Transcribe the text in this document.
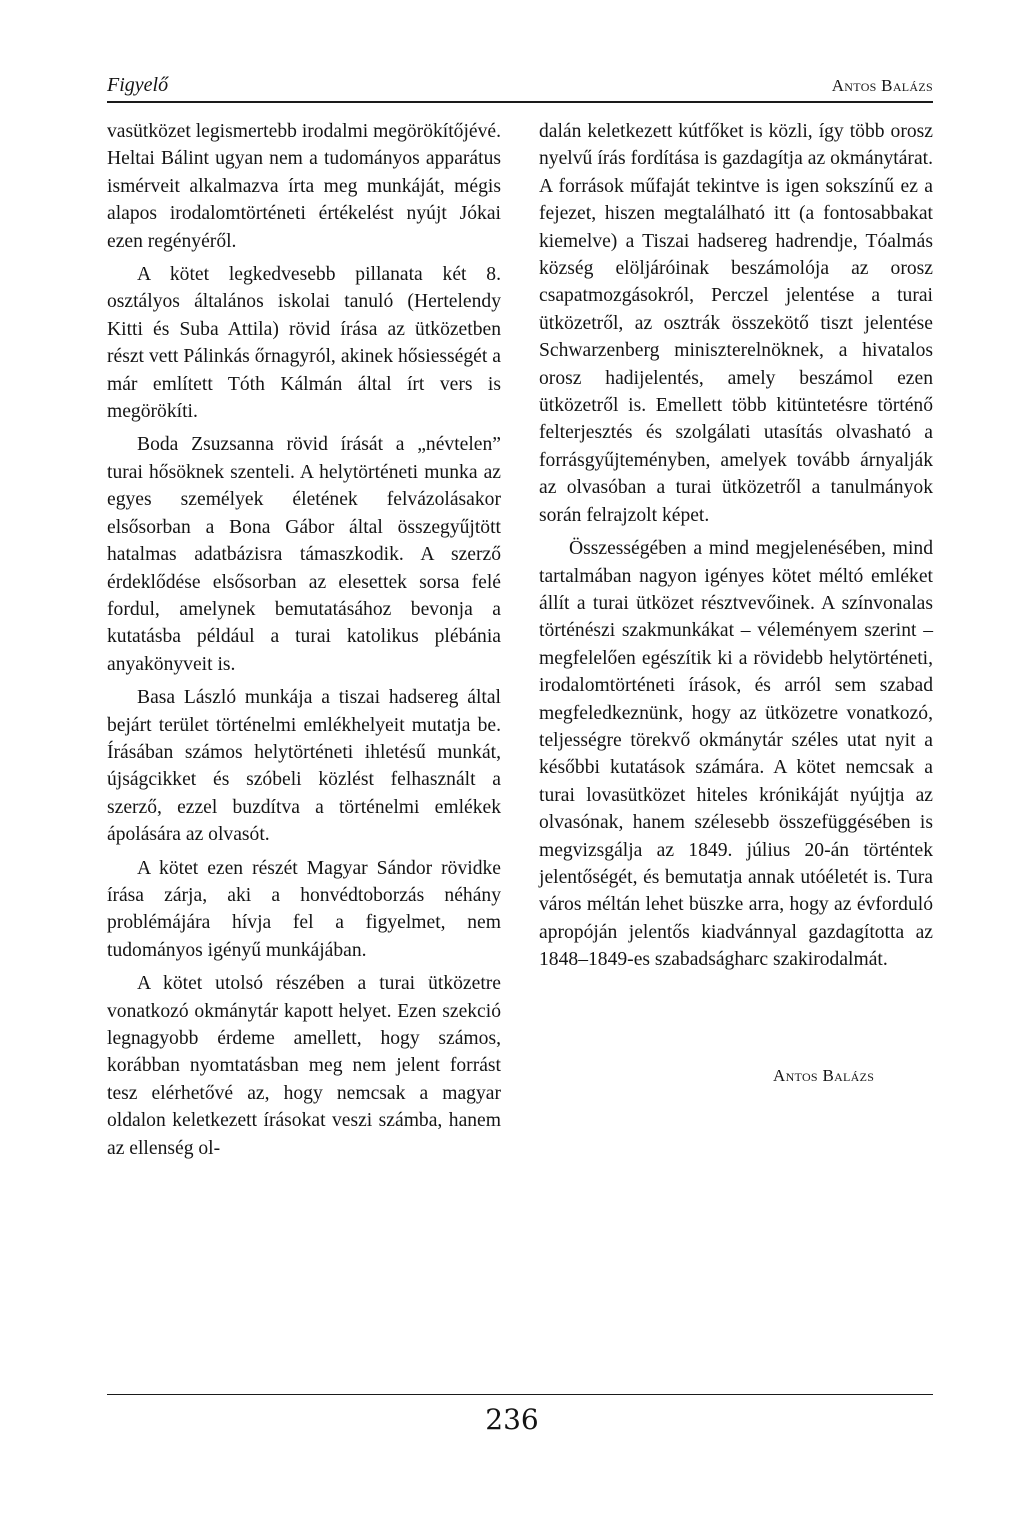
Figyelő	Antos Balázs

vasütközet legismertebb irodalmi megörökítőjévé. Heltai Bálint ugyan nem a tudományos apparátus ismérveit alkalmazva írta meg munkáját, mégis alapos irodalomtörténeti értékelést nyújt Jókai ezen regényéről.

A kötet legkedvesebb pillanata két 8. osztályos általános iskolai tanuló (Hertelendy Kitti és Suba Attila) rövid írása az ütközetben részt vett Pálinkás őrnagyról, akinek hősiességét a már említett Tóth Kálmán által írt vers is megörökíti.

Boda Zsuzsanna rövid írását a „névtelen” turai hősöknek szenteli. A helytörténeti munka az egyes személyek életének felvázolásakor elsősorban a Bona Gábor által összegyűjtött hatalmas adatbázisra támaszkodik. A szerző érdeklődése elsősorban az elesettek sorsa felé fordul, amelynek bemutatásához bevonja a kutatásba például a turai katolikus plébánia anyakönyveit is.

Basa László munkája a tiszai hadsereg által bejárt terület történelmi emlékhelyeit mutatja be. Írásában számos helytörténeti ihletésű munkát, újságcikket és szóbeli közlést felhasznált a szerző, ezzel buzdítva a történelmi emlékek ápolására az olvasót.

A kötet ezen részét Magyar Sándor rövidke írása zárja, aki a honvédtoborzás néhány problémájára hívja fel a figyelmet, nem tudományos igényű munkájában.

A kötet utolsó részében a turai ütközetre vonatkozó okmánytár kapott helyet. Ezen szekció legnagyobb érdeme amellett, hogy számos, korábban nyomtatásban meg nem jelent forrást tesz elérhetővé az, hogy nemcsak a magyar oldalon keletkezett írásokat veszi számba, hanem az ellenség ol-

dalán keletkezett kútfőket is közli, így több orosz nyelvű írás fordítása is gazdagítja az okmánytárat. A források műfaját tekintve is igen sokszínű ez a fejezet, hiszen megtalálható itt (a fontosabbakat kiemelve) a Tiszai hadsereg hadrendje, Tóalmás község elöljáróinak beszámolója az orosz csapatmozgásokról, Perczel jelentése a turai ütközetről, az osztrák összekötő tiszt jelentése Schwarzenberg miniszterelnöknek, a hivatalos orosz hadijelentés, amely beszámol ezen ütközetről is. Emellett több kitüntetésre történő felterjesztés és szolgálati utasítás olvasható a forrásgyűjteményben, amelyek tovább árnyalják az olvasóban a turai ütközetről a tanulmányok során felrajzolt képet.

Összességében a mind megjelenésében, mind tartalmában nagyon igényes kötet méltó emléket állít a turai ütközet résztvevőinek. A színvonalas történészi szakmunkákat – véleményem szerint – megfelelően egészítik ki a rövidebb helytörténeti, irodalomtörténeti írások, és arról sem szabad megfeledkeznünk, hogy az ütközetre vonatkozó, teljességre törekvő okmánytár széles utat nyit a későbbi kutatások számára. A kötet nemcsak a turai lovasütközet hiteles krónikáját nyújtja az olvasónak, hanem szélesebb összefüggésében is megvizsgálja az 1849. július 20-án történtek jelentőségét, és bemutatja annak utóéletét is. Tura város méltán lehet büszke arra, hogy az évforduló apropóján jelentős kiadvánnyal gazdagította az 1848–1849-es szabadságharc szakirodalmát.

Antos Balázs
236
